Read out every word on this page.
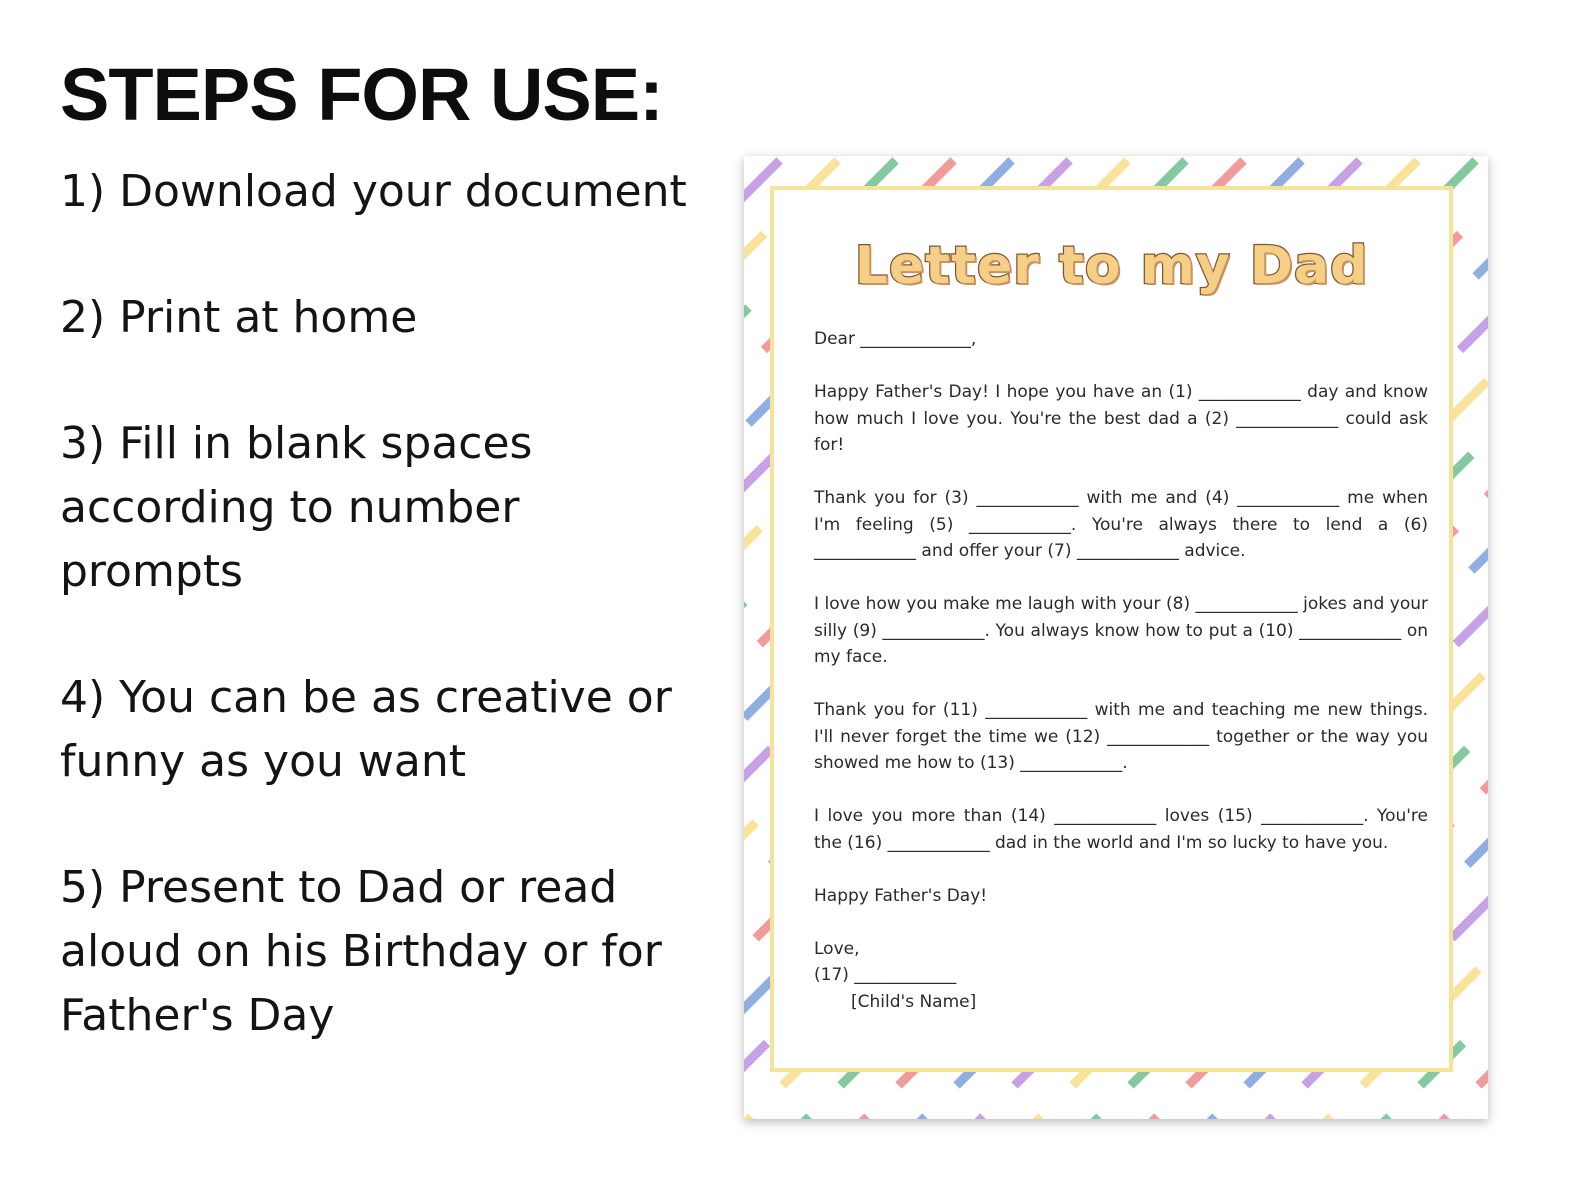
STEPS FOR USE:

1) Download your document

2) Print at home

3) Fill in blank spaces according to number prompts

4) You can be as creative or funny as you want

5) Present to Dad or read aloud on his Birthday or for Father's Day

Letter to my Dad

Dear _____________,

Happy Father's Day! I hope you have an (1) ____________ day and know how much I love you. You're the best dad a (2) ____________ could ask for!

Thank you for (3) ____________ with me and (4) ____________ me when I'm feeling (5) ____________. You're always there to lend a (6) ____________ and offer your (7) ____________ advice.

I love how you make me laugh with your (8) ____________ jokes and your silly (9) ____________. You always know how to put a (10) ____________ on my face.

Thank you for (11) ____________ with me and teaching me new things. I'll never forget the time we (12) ____________ together or the way you showed me how to (13) ____________.

I love you more than (14) ____________ loves (15) ____________. You're the (16) ____________ dad in the world and I'm so lucky to have you.

Happy Father's Day!

Love,

(17) ____________

[Child's Name]
